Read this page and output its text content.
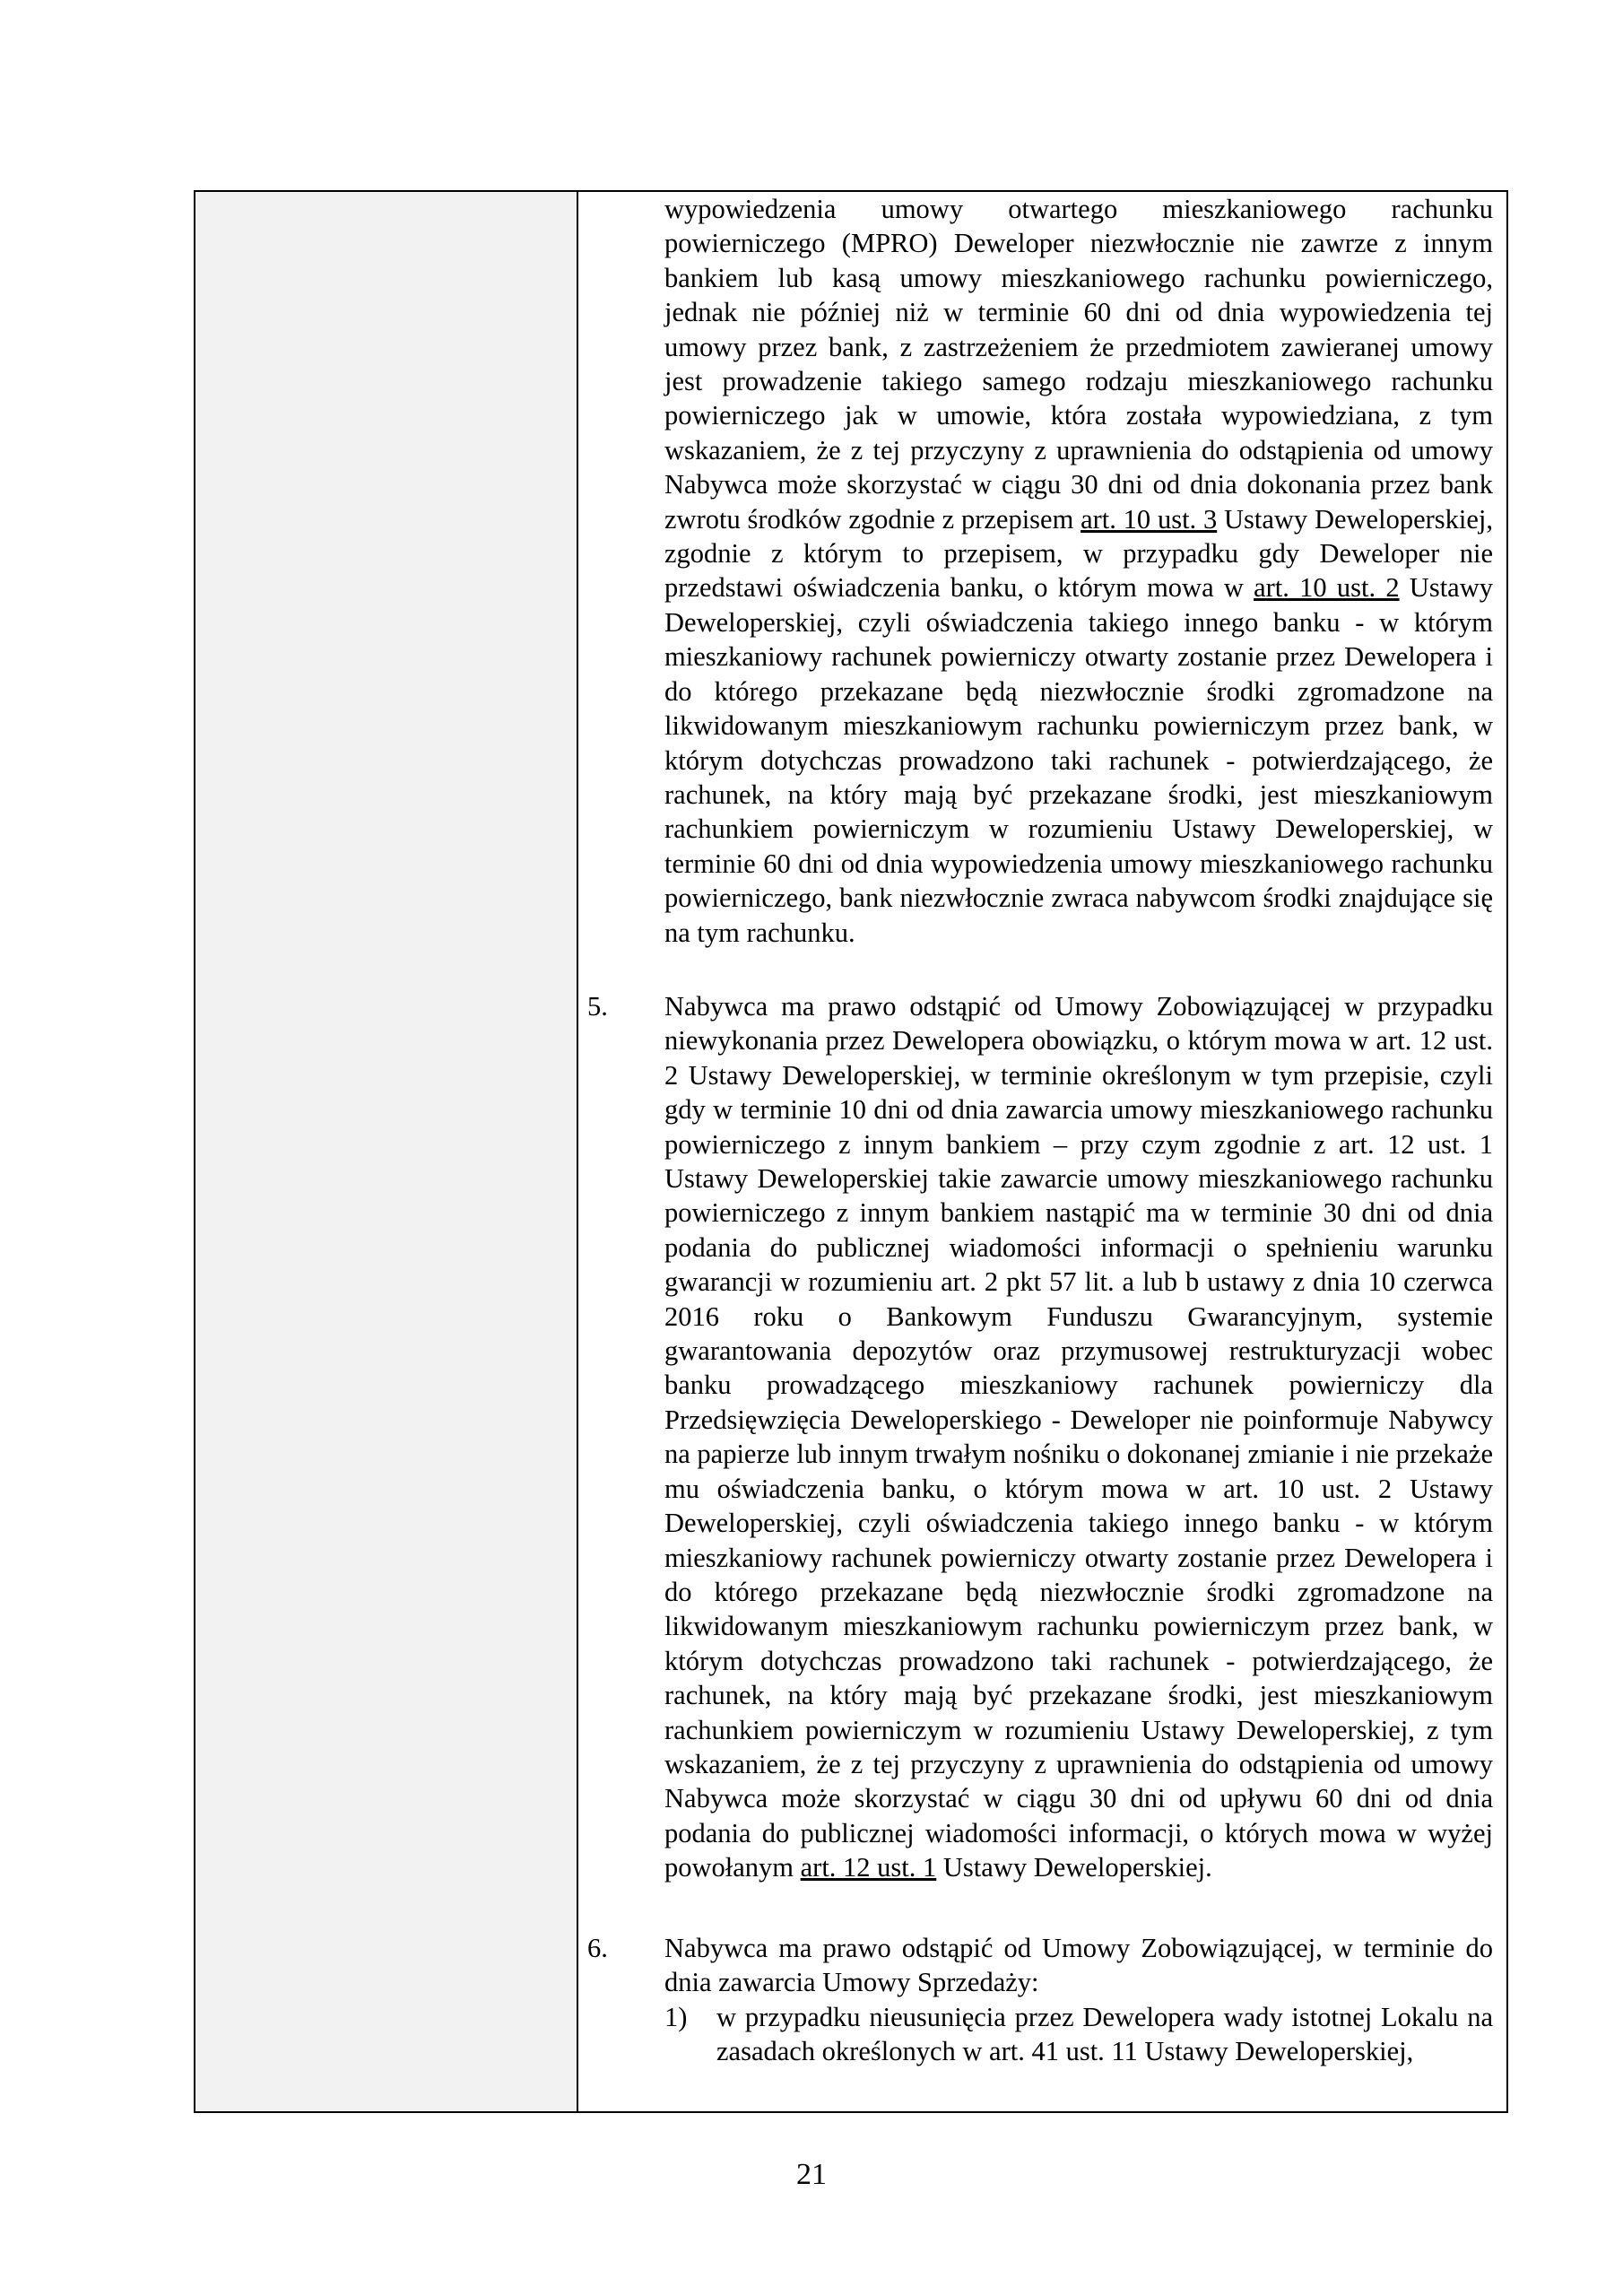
wypowiedzenia umowy otwartego mieszkaniowego rachunku powierniczego (MPRO) Deweloper niezwłocznie nie zawrze z innym bankiem lub kasą umowy mieszkaniowego rachunku powierniczego, jednak nie później niż w terminie 60 dni od dnia wypowiedzenia tej umowy przez bank, z zastrzeżeniem że przedmiotem zawieranej umowy jest prowadzenie takiego samego rodzaju mieszkaniowego rachunku powierniczego jak w umowie, która została wypowiedziana, z tym wskazaniem, że z tej przyczyny z uprawnienia do odstąpienia od umowy Nabywca może skorzystać w ciągu 30 dni od dnia dokonania przez bank zwrotu środków zgodnie z przepisem art. 10 ust. 3 Ustawy Deweloperskiej, zgodnie z którym to przepisem, w przypadku gdy Deweloper nie przedstawi oświadczenia banku, o którym mowa w art. 10 ust. 2 Ustawy Deweloperskiej, czyli oświadczenia takiego innego banku - w którym mieszkaniowy rachunek powierniczy otwarty zostanie przez Dewelopera i do którego przekazane będą niezwłocznie środki zgromadzone na likwidowanym mieszkaniowym rachunku powierniczym przez bank, w którym dotychczas prowadzono taki rachunek - potwierdzającego, że rachunek, na który mają być przekazane środki, jest mieszkaniowym rachunkiem powierniczym w rozumieniu Ustawy Deweloperskiej, w terminie 60 dni od dnia wypowiedzenia umowy mieszkaniowego rachunku powierniczego, bank niezwłocznie zwraca nabywcom środki znajdujące się na tym rachunku.

5. Nabywca ma prawo odstąpić od Umowy Zobowiązującej w przypadku niewykonania przez Dewelopera obowiązku, o którym mowa w art. 12 ust. 2 Ustawy Deweloperskiej, w terminie określonym w tym przepisie, czyli gdy w terminie 10 dni od dnia zawarcia umowy mieszkaniowego rachunku powierniczego z innym bankiem – przy czym zgodnie z art. 12 ust. 1 Ustawy Deweloperskiej takie zawarcie umowy mieszkaniowego rachunku powierniczego z innym bankiem nastąpić ma w terminie 30 dni od dnia podania do publicznej wiadomości informacji o spełnieniu warunku gwarancji w rozumieniu art. 2 pkt 57 lit. a lub b ustawy z dnia 10 czerwca 2016 roku o Bankowym Funduszu Gwarancyjnym, systemie gwarantowania depozytów oraz przymusowej restrukturyzacji wobec banku prowadzącego mieszkaniowy rachunek powierniczy dla Przedsięwzięcia Deweloperskiego - Deweloper nie poinformuje Nabywcy na papierze lub innym trwałym nośniku o dokonanej zmianie i nie przekaże mu oświadczenia banku, o którym mowa w art. 10 ust. 2 Ustawy Deweloperskiej, czyli oświadczenia takiego innego banku - w którym mieszkaniowy rachunek powierniczy otwarty zostanie przez Dewelopera i do którego przekazane będą niezwłocznie środki zgromadzone na likwidowanym mieszkaniowym rachunku powierniczym przez bank, w którym dotychczas prowadzono taki rachunek - potwierdzającego, że rachunek, na który mają być przekazane środki, jest mieszkaniowym rachunkiem powierniczym w rozumieniu Ustawy Deweloperskiej, z tym wskazaniem, że z tej przyczyny z uprawnienia do odstąpienia od umowy Nabywca może skorzystać w ciągu 30 dni od upływu 60 dni od dnia podania do publicznej wiadomości informacji, o których mowa w wyżej powołanym art. 12 ust. 1 Ustawy Deweloperskiej.

6. Nabywca ma prawo odstąpić od Umowy Zobowiązującej, w terminie do dnia zawarcia Umowy Sprzedaży:

1) w przypadku nieusunięcia przez Dewelopera wady istotnej Lokalu na zasadach określonych w art. 41 ust. 11 Ustawy Deweloperskiej,

21
